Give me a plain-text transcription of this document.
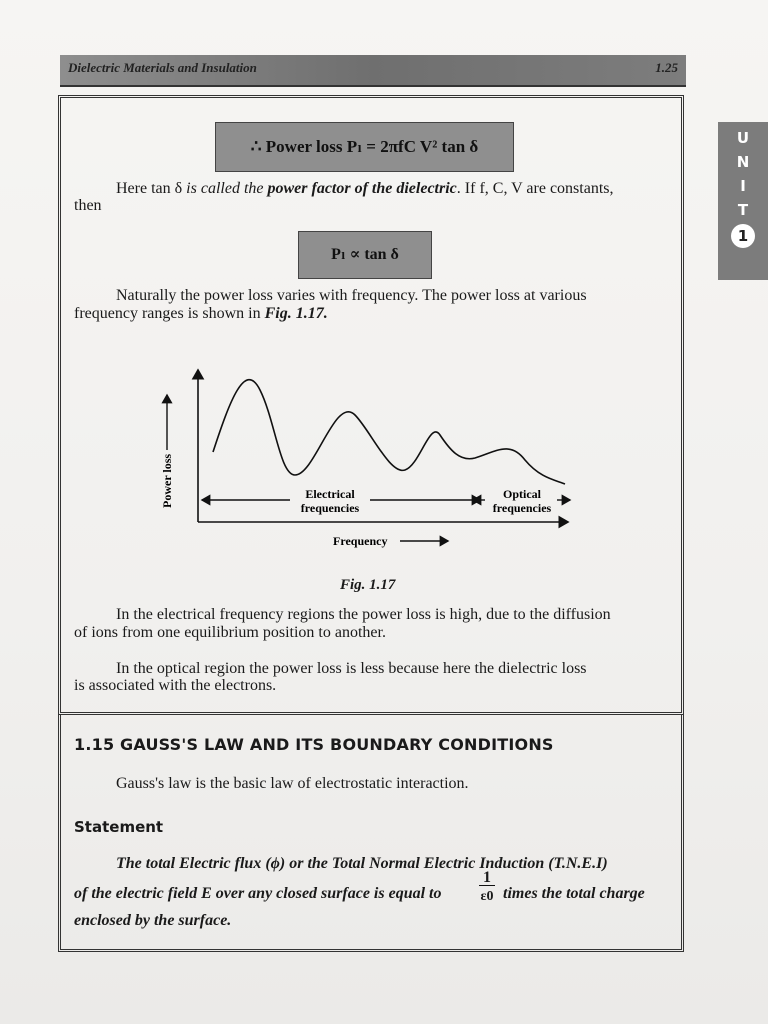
Dielectric Materials and Insulation	1.25
U
N
I
T
1
∴ Power loss Pₗ = 2πfC V² tan δ
Here tan δ is called the power factor of the dielectric. If f, C, V are constants,
then
Pₗ ∝ tan δ
Naturally the power loss varies with frequency. The power loss at various
frequency ranges is shown in Fig. 1.17.
Power loss	Electrical
frequencies
Optical
frequencies
Frequency
Fig. 1.17
In the electrical frequency regions the power loss is high, due to the diffusion
of ions from one equilibrium position to another.
In the optical region the power loss is less because here the dielectric loss
is associated with the electrons.
1.15 GAUSS'S LAW AND ITS BOUNDARY CONDITIONS
Gauss's law is the basic law of electrostatic interaction.
Statement
The total Electric flux (ϕ) or the Total Normal Electric Induction (T.N.E.I)
of the electric field E over any closed surface is equal to
1
ε0 times the total charge
enclosed by the surface.
